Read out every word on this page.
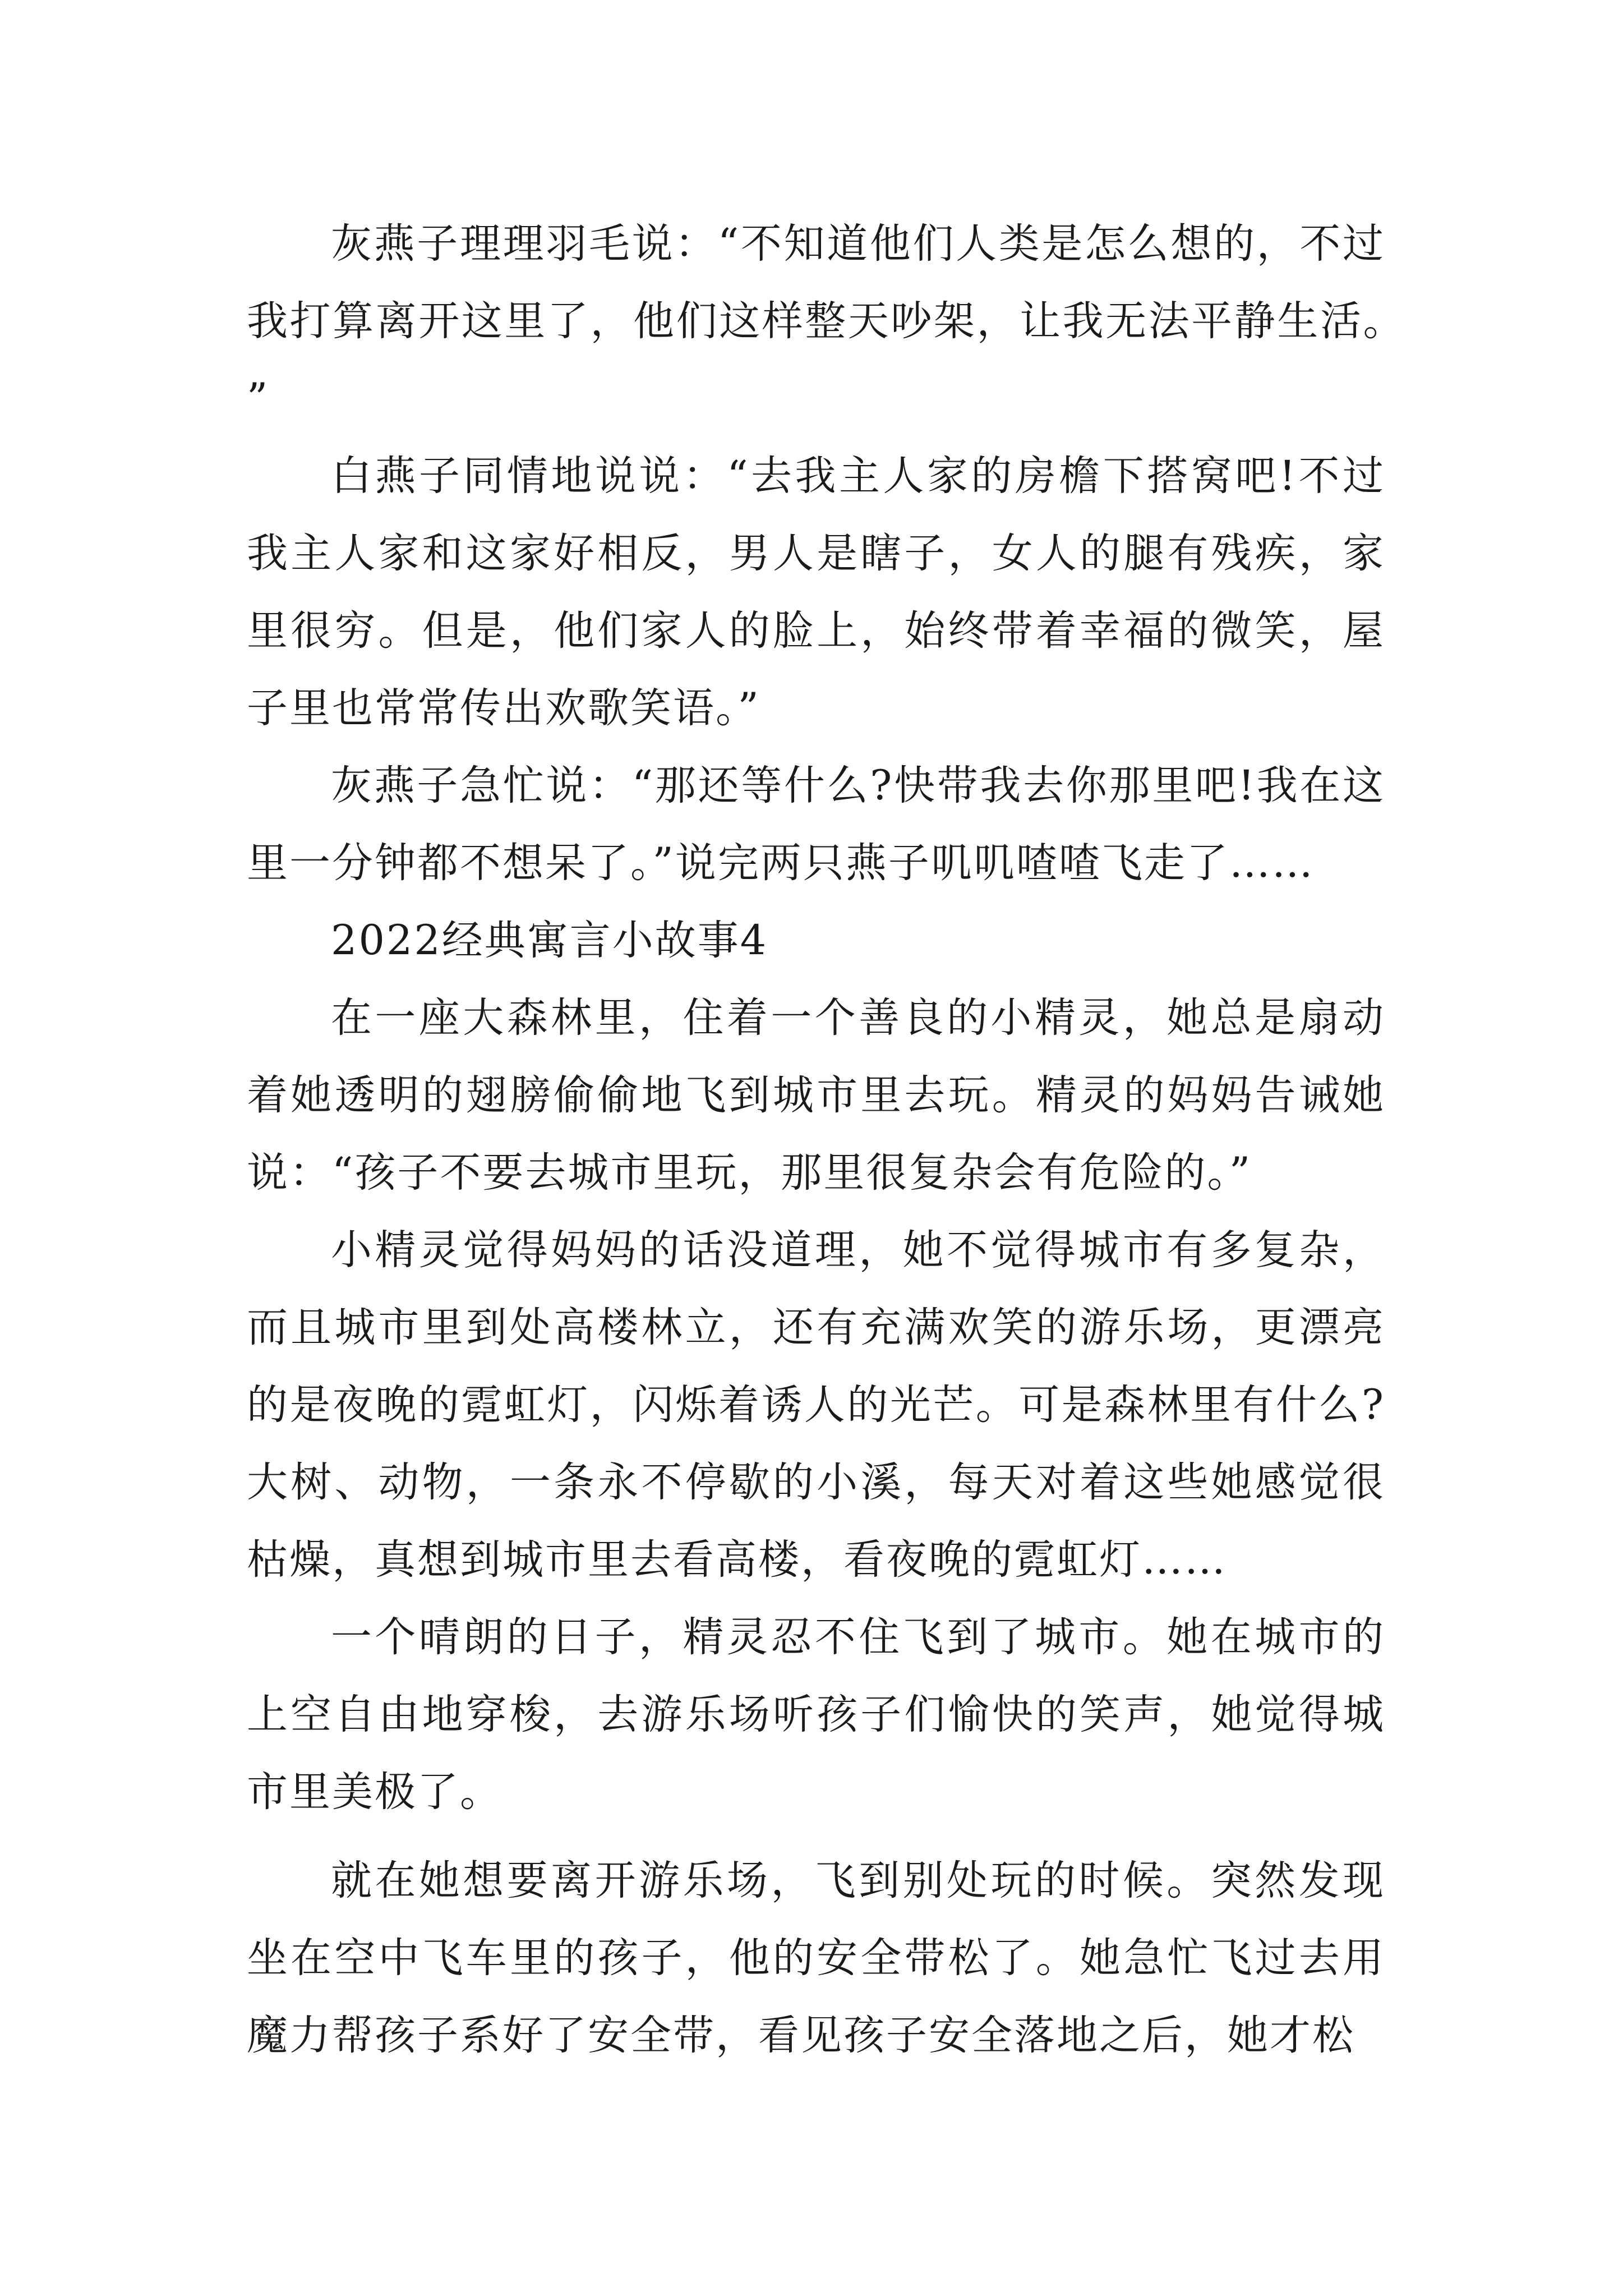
灰燕子理理羽毛说：“不知道他们人类是怎么想的，不过我打算离开这里了，他们这样整天吵架，让我无法平静生活。”

白燕子同情地说说：“去我主人家的房檐下搭窝吧!不过我主人家和这家好相反，男人是瞎子，女人的腿有残疾，家里很穷。但是，他们家人的脸上，始终带着幸福的微笑，屋子里也常常传出欢歌笑语。”

灰燕子急忙说：“那还等什么?快带我去你那里吧!我在这里一分钟都不想呆了。”说完两只燕子叽叽喳喳飞走了……

2022经典寓言小故事4

在一座大森林里，住着一个善良的小精灵，她总是扇动着她透明的翅膀偷偷地飞到城市里去玩。精灵的妈妈告诫她说：“孩子不要去城市里玩，那里很复杂会有危险的。”

小精灵觉得妈妈的话没道理，她不觉得城市有多复杂，而且城市里到处高楼林立，还有充满欢笑的游乐场，更漂亮的是夜晚的霓虹灯，闪烁着诱人的光芒。可是森林里有什么?大树、动物，一条永不停歇的小溪，每天对着这些她感觉很枯燥，真想到城市里去看高楼，看夜晚的霓虹灯……

一个晴朗的日子，精灵忍不住飞到了城市。她在城市的上空自由地穿梭，去游乐场听孩子们愉快的笑声，她觉得城市里美极了。

就在她想要离开游乐场，飞到别处玩的时候。突然发现坐在空中飞车里的孩子，他的安全带松了。她急忙飞过去用魔力帮孩子系好了安全带，看见孩子安全落地之后，她才松
